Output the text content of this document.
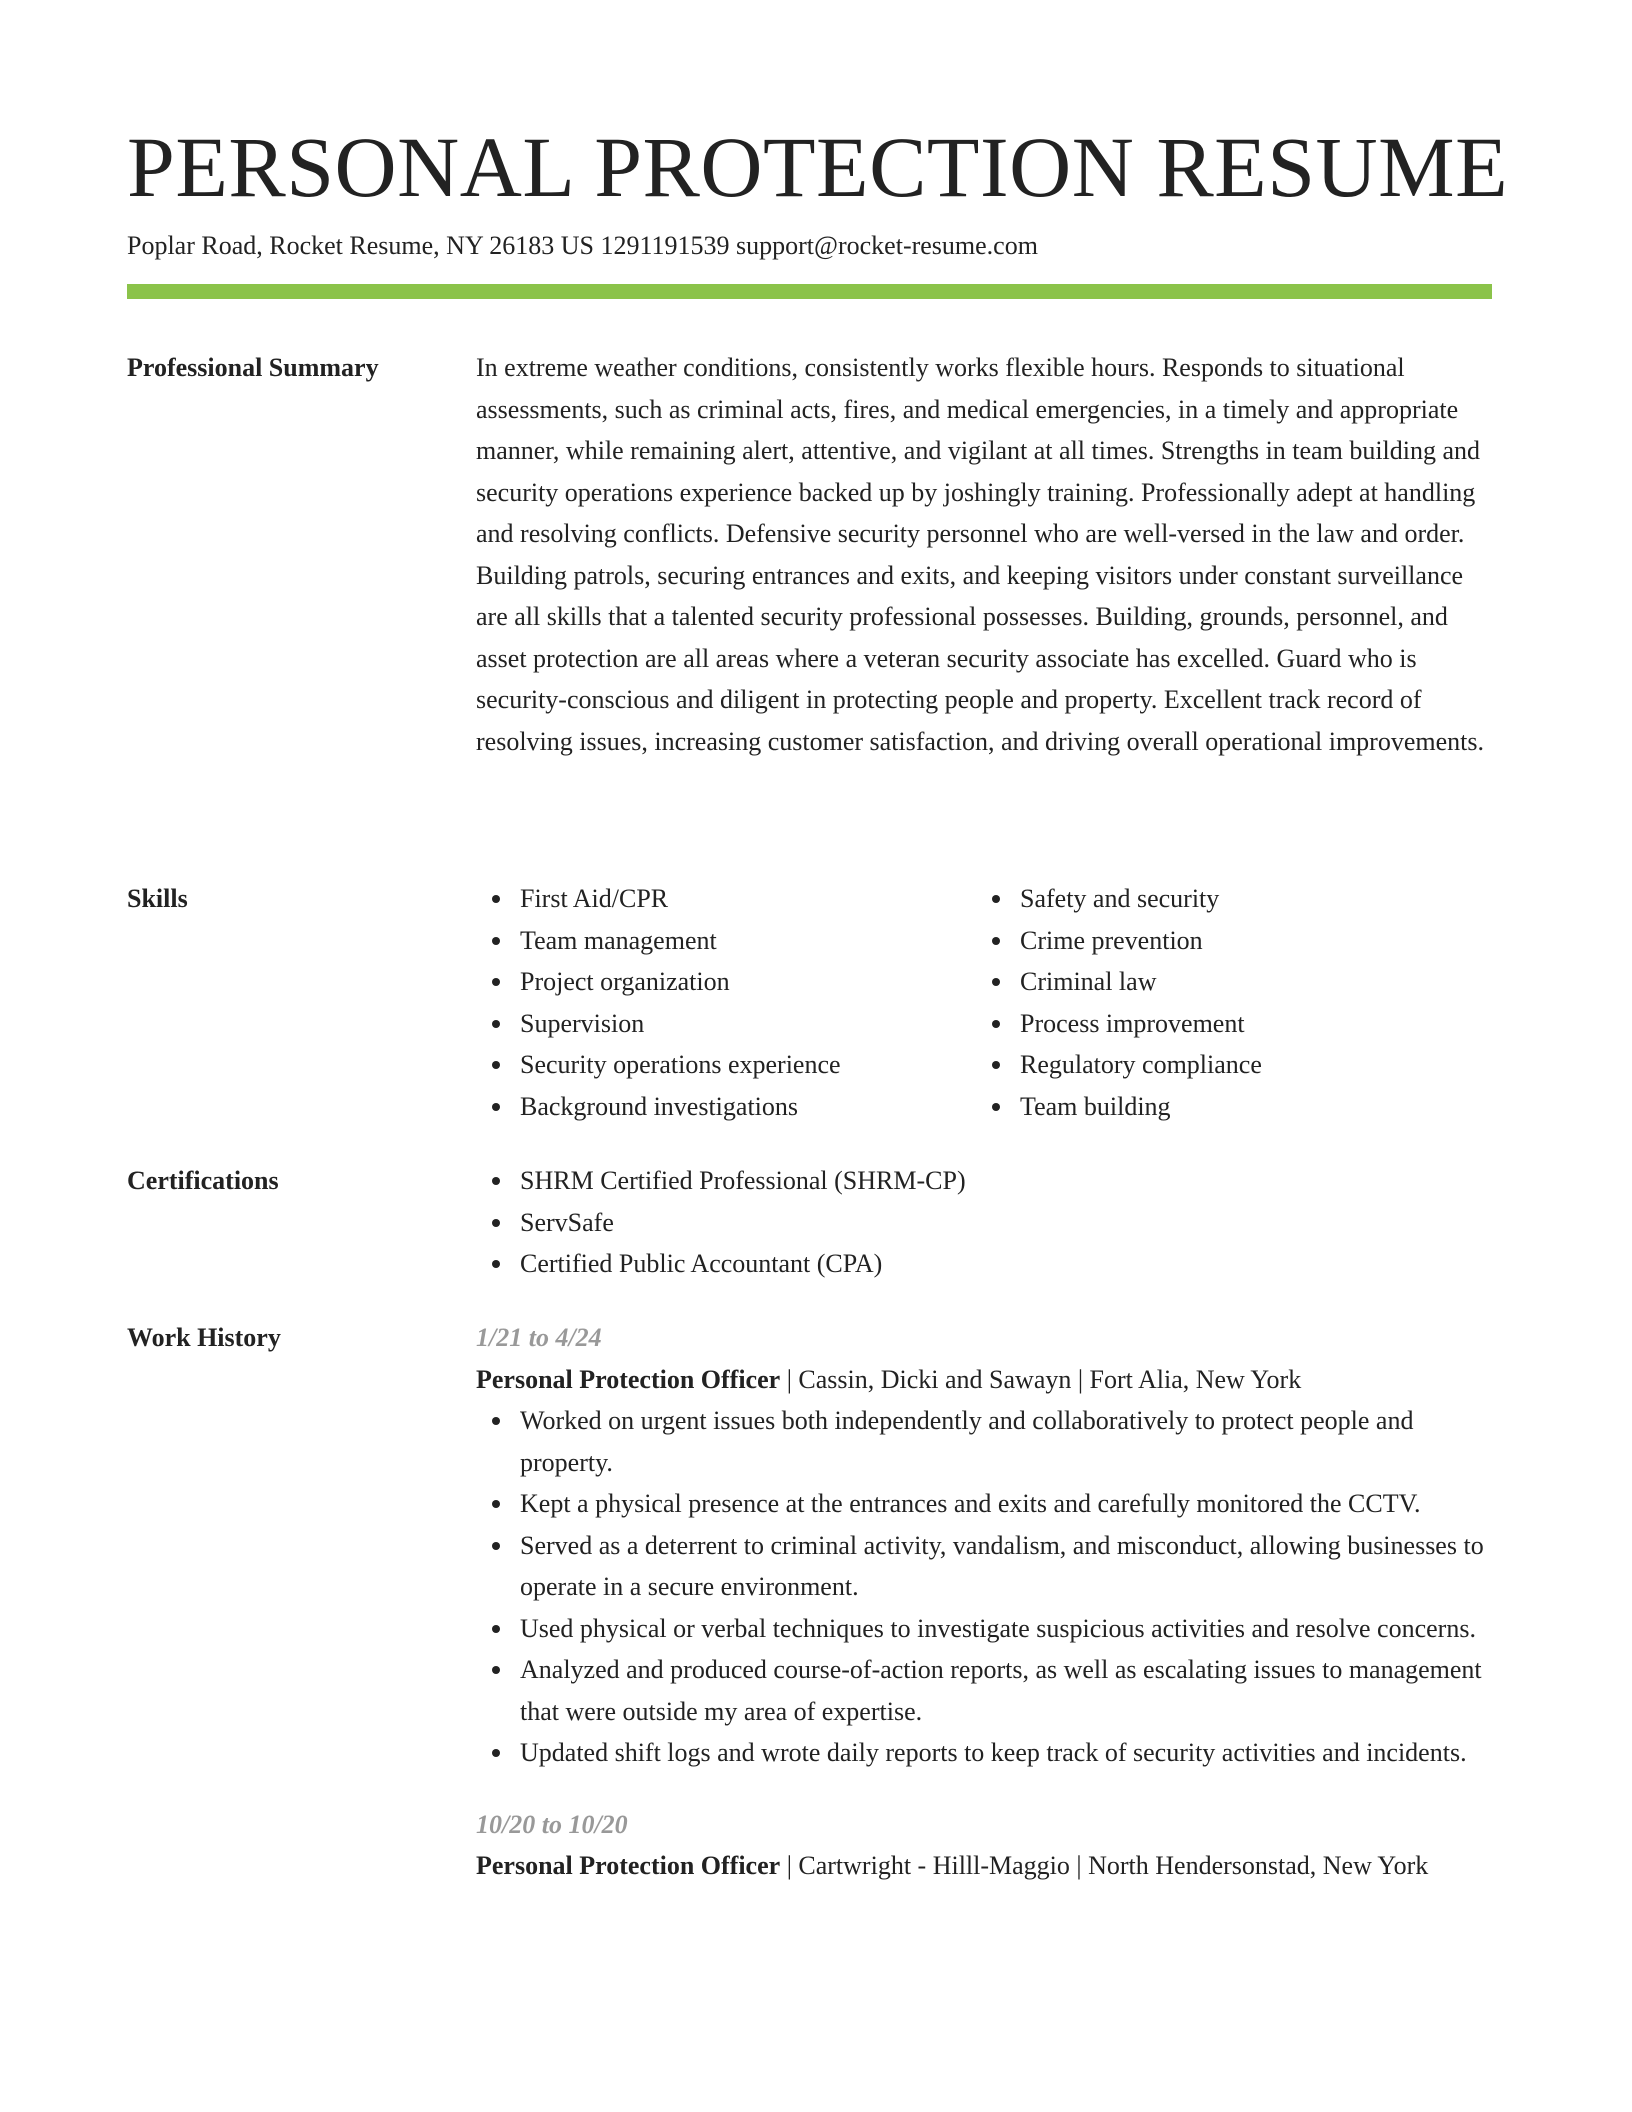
PERSONAL PROTECTION RESUME
Poplar Road, Rocket Resume, NY 26183 US 1291191539 support@rocket-resume.com
Professional Summary	In extreme weather conditions, consistently works flexible hours. Responds to situational assessments, such as criminal acts, fires, and medical emergencies, in a timely and appropriate manner, while remaining alert, attentive, and vigilant at all times. Strengths in team building and security operations experience backed up by joshingly training. Professionally adept at handling and resolving conflicts. Defensive security personnel who are well-versed in the law and order. Building patrols, securing entrances and exits, and keeping visitors under constant surveillance are all skills that a talented security professional possesses. Building, grounds, personnel, and asset protection are all areas where a veteran security associate has excelled. Guard who is security-conscious and diligent in protecting people and property. Excellent track record of resolving issues, increasing customer satisfaction, and driving overall operational improvements.

Skills	First Aid/CPR
Team management
Project organization
Supervision
Security operations experience
Background investigations
Safety and security
Crime prevention
Criminal law
Process improvement
Regulatory compliance
Team building
Certifications	SHRM Certified Professional (SHRM-CP)
ServSafe
Certified Public Accountant (CPA)
Work History	1/21 to 4/24
Personal Protection Officer | Cassin, Dicki and Sawayn | Fort Alia, New York
Worked on urgent issues both independently and collaboratively to protect people and property.
Kept a physical presence at the entrances and exits and carefully monitored the CCTV.
Served as a deterrent to criminal activity, vandalism, and misconduct, allowing businesses to operate in a secure environment.
Used physical or verbal techniques to investigate suspicious activities and resolve concerns.
Analyzed and produced course-of-action reports, as well as escalating issues to management that were outside my area of expertise.
Updated shift logs and wrote daily reports to keep track of security activities and incidents.
10/20 to 10/20
Personal Protection Officer | Cartwright - Hilll-Maggio | North Hendersonstad, New York
